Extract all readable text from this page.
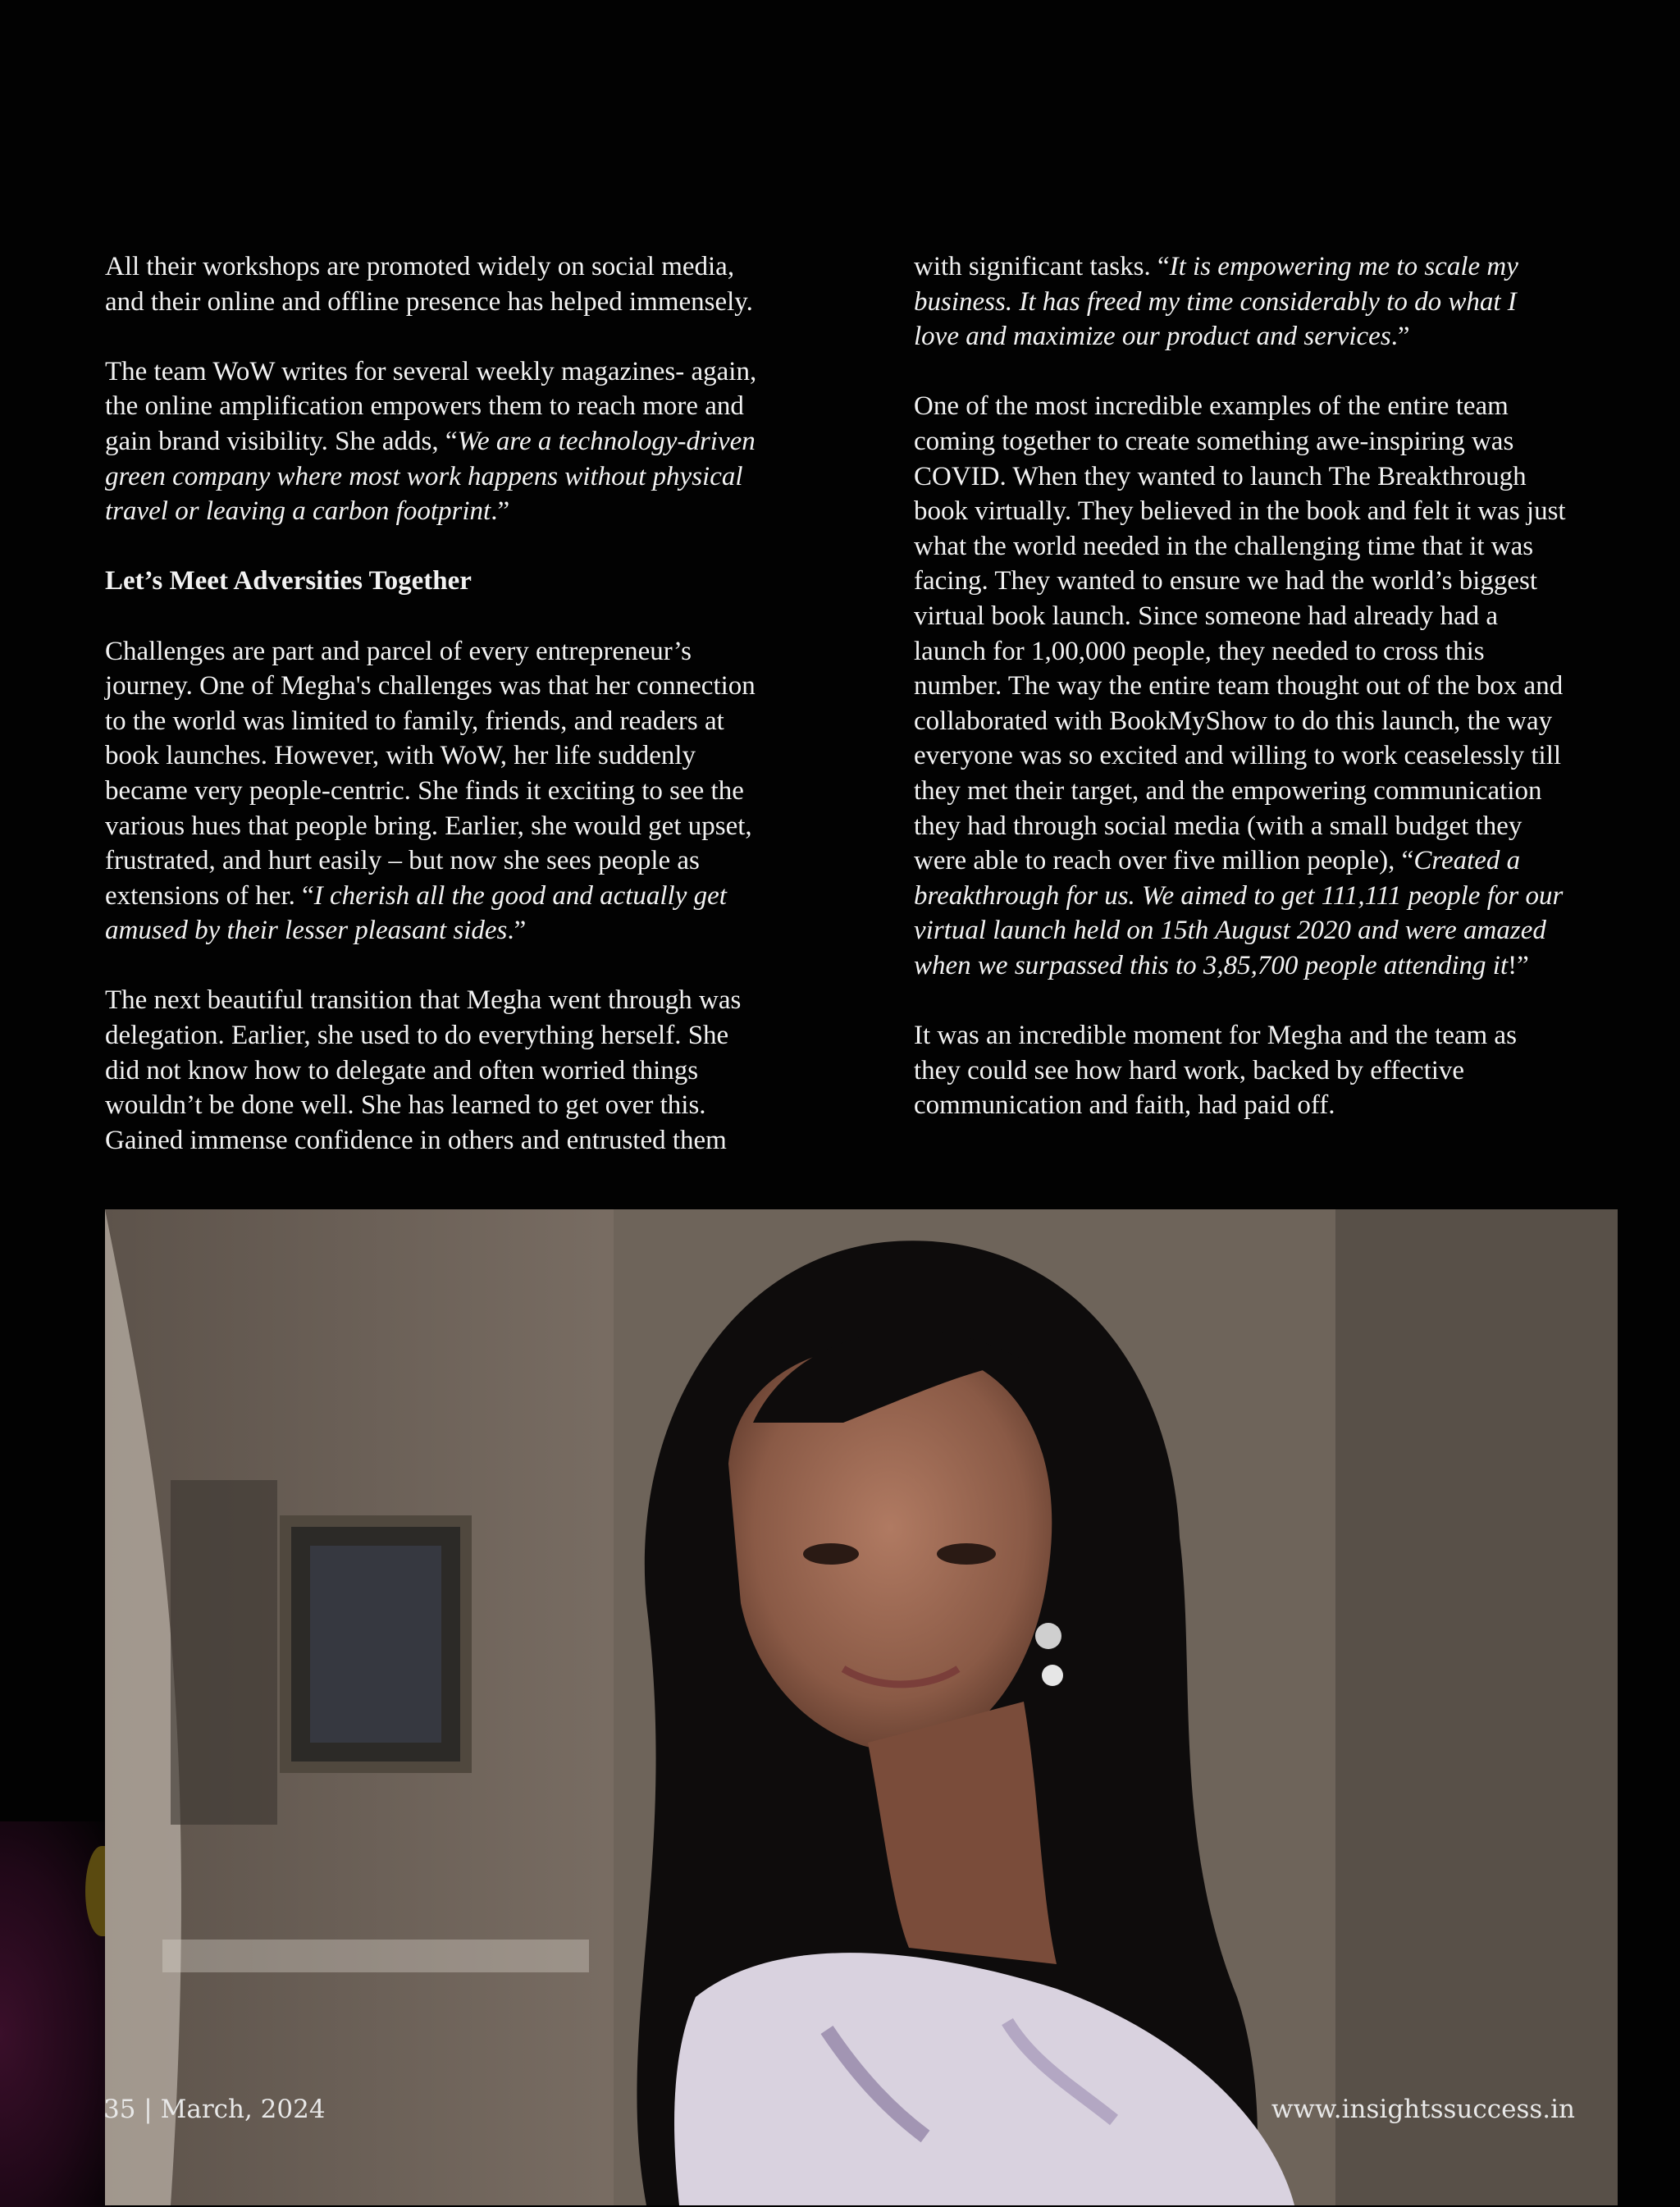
All their workshops are promoted widely on social media,
and their online and offline presence has helped immensely.

The team WoW writes for several weekly magazines- again,
the online amplification empowers them to reach more and
gain brand visibility. She adds, “We are a technology-driven
green company where most work happens without physical
travel or leaving a carbon footprint.”

Let’s Meet Adversities Together

Challenges are part and parcel of every entrepreneur’s
journey. One of Megha's challenges was that her connection
to the world was limited to family, friends, and readers at
book launches. However, with WoW, her life suddenly
became very people-centric. She finds it exciting to see the
various hues that people bring. Earlier, she would get upset,
frustrated, and hurt easily – but now she sees people as
extensions of her. “I cherish all the good and actually get
amused by their lesser pleasant sides.”

The next beautiful transition that Megha went through was
delegation. Earlier, she used to do everything herself. She
did not know how to delegate and often worried things
wouldn’t be done well. She has learned to get over this.
Gained immense confidence in others and entrusted them

with significant tasks. “It is empowering me to scale my
business. It has freed my time considerably to do what I
love and maximize our product and services.”

One of the most incredible examples of the entire team
coming together to create something awe-inspiring was
COVID. When they wanted to launch The Breakthrough
book virtually. They believed in the book and felt it was just
what the world needed in the challenging time that it was
facing. They wanted to ensure we had the world’s biggest
virtual book launch. Since someone had already had a
launch for 1,00,000 people, they needed to cross this
number. The way the entire team thought out of the box and
collaborated with BookMyShow to do this launch, the way
everyone was so excited and willing to work ceaselessly till
they met their target, and the empowering communication
they had through social media (with a small budget they
were able to reach over five million people), “Created a
breakthrough for us. We aimed to get 111,111 people for our
virtual launch held on 15th August 2020 and were amazed
when we surpassed this to 3,85,700 people attending it!”

It was an incredible moment for Megha and the team as
they could see how hard work, backed by effective
communication and faith, had paid off.

35 | March, 2024	www.insightssuccess.in
